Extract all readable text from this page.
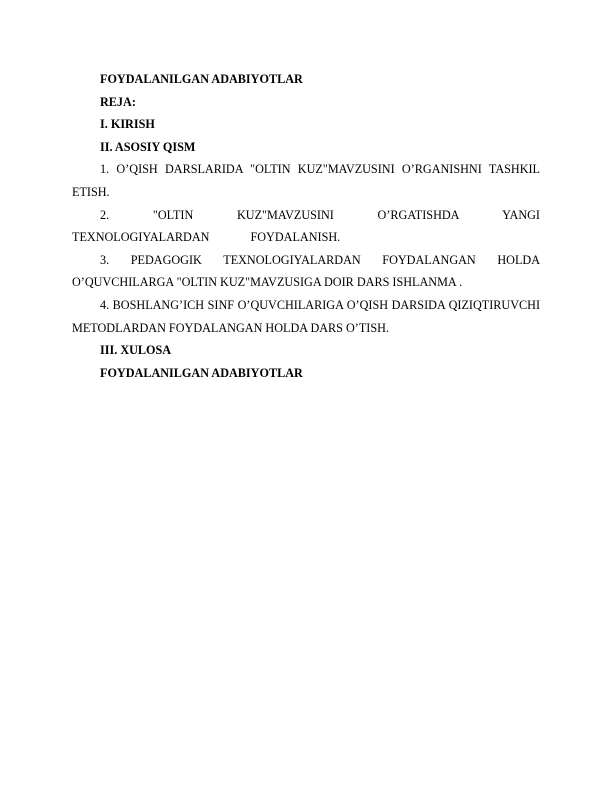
FOYDALANILGAN ADABIYOTLAR

REJA:

I. KIRISH

II. ASOSIY QISM

1. O’QISH DARSLARIDA "OLTIN KUZ"MAVZUSINI O’RGANISHNI TASHKIL ETISH.

2. "OLTIN KUZ"MAVZUSINI O’RGATISHDA YANGI TEXNOLOGIYALARDAN FOYDALANISH.

3. PEDAGOGIK TEXNOLOGIYALARDAN FOYDALANGAN HOLDA O’QUVCHILARGA "OLTIN KUZ"MAVZUSIGA DOIR DARS ISHLANMA .

4. BOSHLANG’ICH SINF O’QUVCHILARIGA O’QISH DARSIDA QIZIQTIRUVCHI METODLARDAN FOYDALANGAN HOLDA DARS O’TISH.

III. XULOSA

FOYDALANILGAN ADABIYOTLAR
